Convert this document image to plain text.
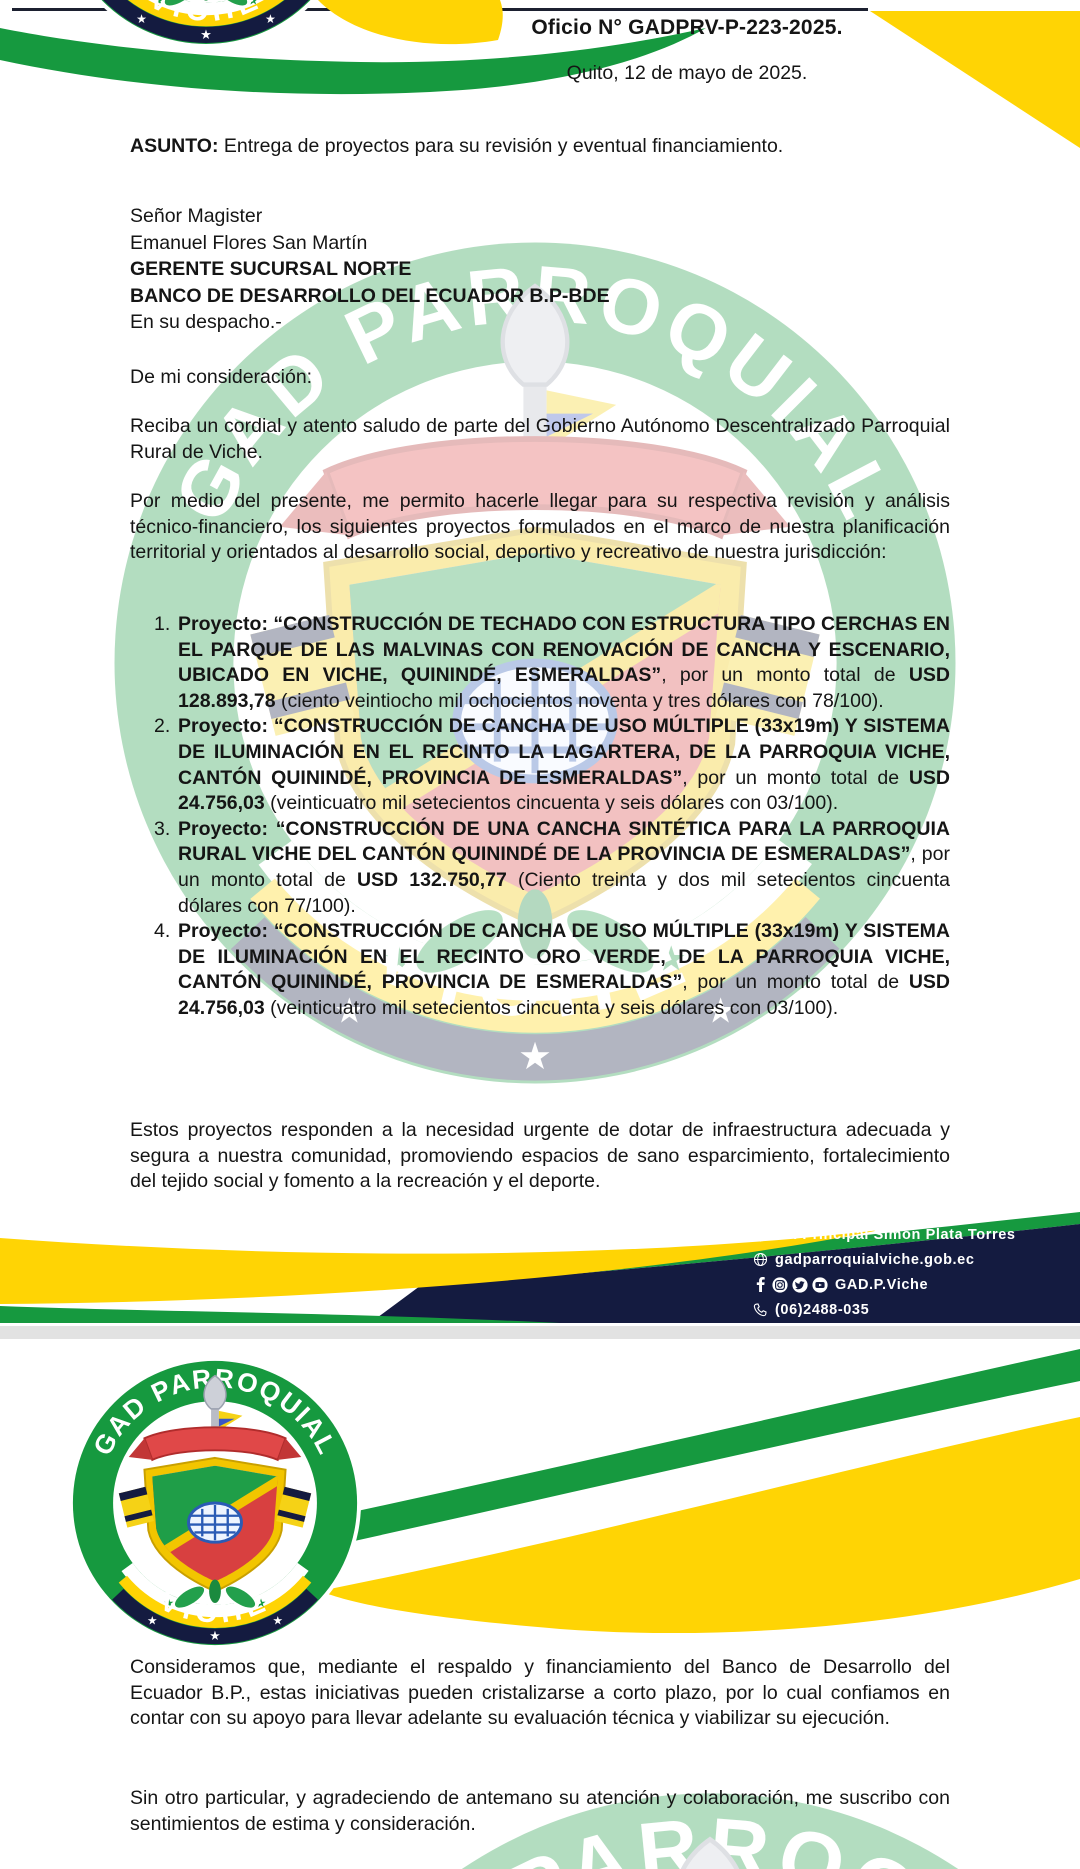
Oficio N° GADPRV-P-223-2025.
Quito, 12 de mayo de 2025.
ASUNTO: Entrega de proyectos para su revisión y eventual financiamiento.
Señor Magister
Emanuel Flores San Martín
GERENTE SUCURSAL NORTE
BANCO DE DESARROLLO DEL ECUADOR B.P-BDE
En su despacho.-
De mi consideración:
Reciba un cordial y atento saludo de parte del Gobierno Autónomo Descentralizado Parroquial Rural de Viche.
Por medio del presente, me permito hacerle llegar para su respectiva revisión y análisis técnico-financiero, los siguientes proyectos formulados en el marco de nuestra planificación territorial y orientados al desarrollo social, deportivo y recreativo de nuestra jurisdicción:
1. Proyecto: “CONSTRUCCIÓN DE TECHADO CON ESTRUCTURA TIPO CERCHAS EN EL PARQUE DE LAS MALVINAS CON RENOVACIÓN DE CANCHA Y ESCENARIO, UBICADO EN VICHE, QUININDÉ, ESMERALDAS”, por un monto total de USD 128.893,78 (ciento veintiocho mil ochocientos noventa y tres dólares con 78/100).
2. Proyecto: “CONSTRUCCIÓN DE CANCHA DE USO MÚLTIPLE (33x19m) Y SISTEMA DE ILUMINACIÓN EN EL RECINTO LA LAGARTERA, DE LA PARROQUIA VICHE, CANTÓN QUININDÉ, PROVINCIA DE ESMERALDAS”, por un monto total de USD 24.756,03 (veinticuatro mil setecientos cincuenta y seis dólares con 03/100).
3. Proyecto: “CONSTRUCCIÓN DE UNA CANCHA SINTÉTICA PARA LA PARROQUIA RURAL VICHE DEL CANTÓN QUININDÉ DE LA PROVINCIA DE ESMERALDAS”, por un monto total de USD 132.750,77 (Ciento treinta y dos mil setecientos cincuenta dólares con 77/100).
4. Proyecto: “CONSTRUCCIÓN DE CANCHA DE USO MÚLTIPLE (33x19m) Y SISTEMA DE ILUMINACIÓN EN EL RECINTO ORO VERDE, DE LA PARROQUIA VICHE, CANTÓN QUININDÉ, PROVINCIA DE ESMERALDAS”, por un monto total de USD 24.756,03 (veinticuatro mil setecientos cincuenta y seis dólares con 03/100).
Estos proyectos responden a la necesidad urgente de dotar de infraestructura adecuada y segura a nuestra comunidad, promoviendo espacios de sano esparcimiento, fortalecimiento del tejido social y fomento a la recreación y el deporte.
Av. Principal Simón Plata Torres
gadparroquialviche.gob.ec
GAD.P.Viche
(06)2488-035
Consideramos que, mediante el respaldo y financiamiento del Banco de Desarrollo del Ecuador B.P., estas iniciativas pueden cristalizarse a corto plazo, por lo cual confiamos en contar con su apoyo para llevar adelante su evaluación técnica y viabilizar su ejecución.
Sin otro particular, y agradeciendo de antemano su atención y colaboración, me suscribo con sentimientos de estima y consideración.
